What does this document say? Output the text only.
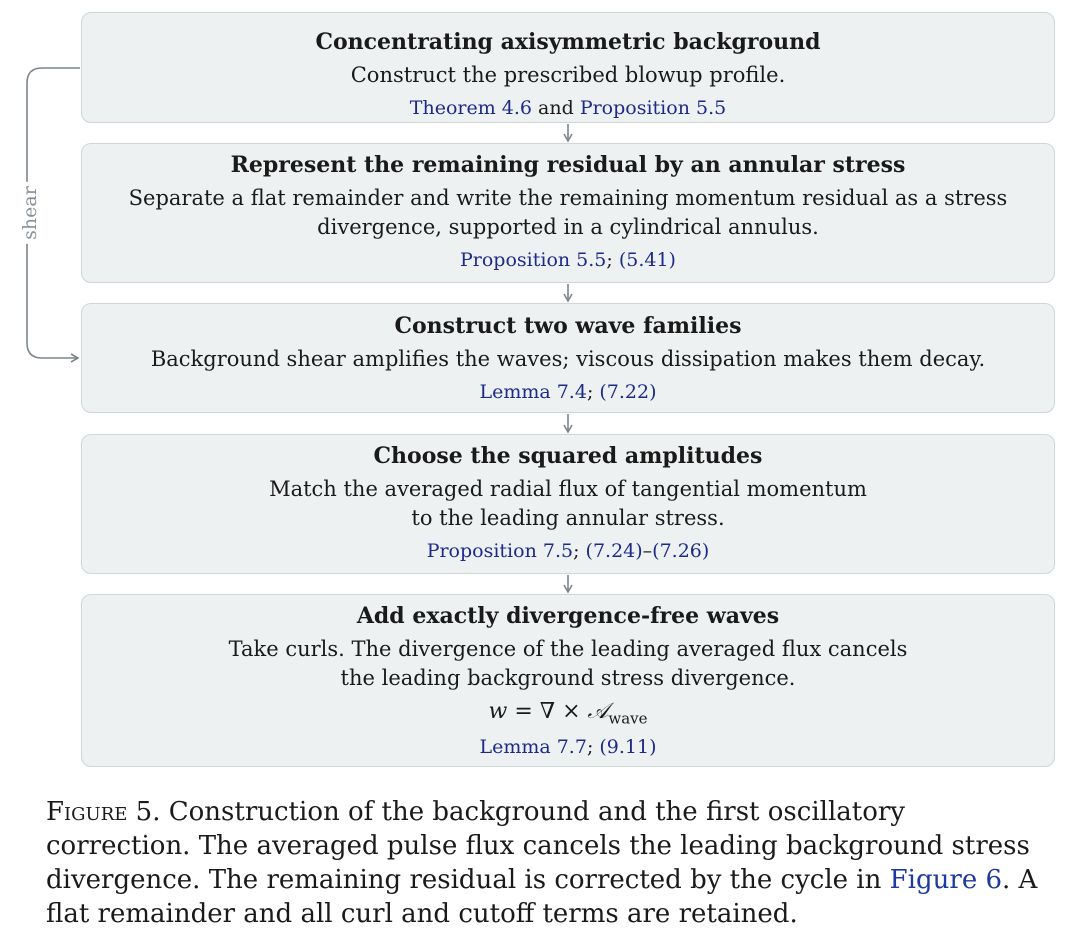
Concentrating axisymmetric background
Construct the prescribed blowup profile.
Theorem 4.6 and Proposition 5.5
Represent the remaining residual by an annular stress
Separate a flat remainder and write the remaining momentum residual as a stress
divergence, supported in a cylindrical annulus.
Proposition 5.5; (5.41)
Construct two wave families
Background shear amplifies the waves; viscous dissipation makes them decay.
Lemma 7.4; (7.22)
Choose the squared amplitudes
Match the averaged radial flux of tangential momentum
to the leading annular stress.
Proposition 7.5; (7.24)–(7.26)
Add exactly divergence-free waves
Take curls. The divergence of the leading averaged flux cancels
the leading background stress divergence.
w = ∇ × 𝒜$_{wave}$
Lemma 7.7; (9.11)
shear
Figure 5. Construction of the background and the first oscillatory correction. The averaged pulse flux cancels the leading background stress divergence. The remaining residual is corrected by the cycle in Figure 6. A flat remainder and all curl and cutoff terms are retained.
